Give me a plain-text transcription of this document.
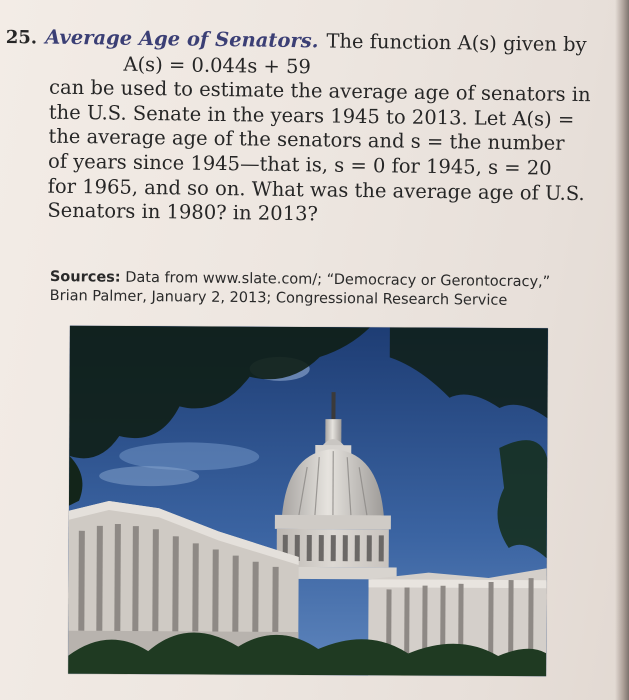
25. Average Age of Senators. The function A(s) given by
A(s) = 0.044s + 59
can be used to estimate the average age of senators in
the U.S. Senate in the years 1945 to 2013. Let A(s) =
the average age of the senators and s = the number
of years since 1945—that is, s = 0 for 1945, s = 20
for 1965, and so on. What was the average age of U.S.
Senators in 1980? in 2013?
Sources: Data from www.slate.com/; “Democracy or Gerontocracy,”
Brian Palmer, January 2, 2013; Congressional Research Service
